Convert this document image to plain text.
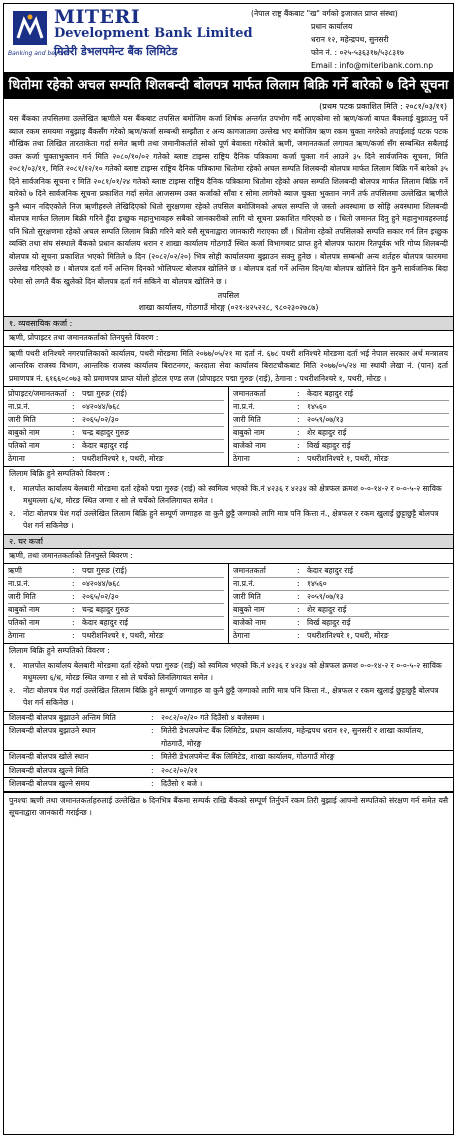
MITERI
Development Bank Limited
मितेरी डेभलपमेन्ट बैंक लिमिटेड
Banking and beyond
(नेपाल राष्ट्र बैंकबाट "ख" वर्गको इजाजत प्राप्त संस्था)
प्रधान कार्यालय
धरान १२, महेन्द्रपथ, सुनसरी
फोन नं. : ०२५-५३६३१७/५३८३१७
Email : info@miteribank.com.np
धितोमा रहेको अचल सम्पति शिलबन्दी बोलपत्र मार्फत लिलाम बिक्रि गर्ने बारेको ७ दिने सूचना
(प्रथम पटक प्रकाशित मिति : २०८१/०३/११)
यस बैंकका तपसिलमा उल्लेखित ऋणीले यस बैंकबाट तपसिल बमोजिम कर्जा शिर्षक अन्तर्गत उपभोग गर्दै आएकोमा सो ऋण/कर्जा बापत बैंकलाई बुझाउनु पर्ने ब्याज रकम समयमा नबुझाइ बैंकसँग गरेको ऋण/कर्जा सम्बन्धी सम्झौता र अन्य कागजातमा उल्लेख भए बमोजिम ऋण रकम चुक्ता नगरेको तपाईलाई पटक पटक मौखिक तथा लिखित तारताकेता गर्दा समेत ऋणी तथा जमानीकर्ताले सोको पूर्ण बेवास्ता गरेकोले ऋणी, जमानतकर्ता लगायत ऋण/कर्जा सँग सम्बन्धित सबैलाई उक्त कर्जा चुक्ताभुक्तान गर्न मिति २०८०/१०/०२ गतेको ब्लाष्ट टाइम्स राष्ट्रिय दैनिक पत्रिकामा कर्जा चुक्ता गर्न आउने ३५ दिने सार्वजनिक सूचना, मिति २०८१/०३/११, मिति २०८१/१२/१० गतेको ब्लाष्ट टाइम्स राष्ट्रिय दैनिक पत्रिकामा धितोमा रहेको अचल सम्पति शिलबन्दी बोलपत्र मार्फत लिलाम बिक्रि गर्ने बारेको ३५ दिने सार्वजनिक सूचना र मिति २०८१/०१/२४ गतेको ब्लाष्ट टाइम्स राष्ट्रिय दैनिक पत्रिकामा धितोमा रहेको अचल सम्पति शिलबन्दी बोलपत्र मार्फत लिलाम बिक्रि गर्ने बारेको ७ दिने सार्वजनिक सूचना प्रकाशित गर्दा समेत आजसम्म उक्त कर्जाको साँवा र सोमा लागेको ब्याज चुक्ता भुक्तान नगर्ने तर्फ तपसिलमा उल्लेखित ऋणीले कुनै ध्यान नदिएकोले निज ऋणीहरुले लेखिदिएको धितो सुरक्षणमा रहेको तपसिल बमोजिमको अचल सम्पत्ति जे जस्तो अवस्थामा छ सोहि अवस्थामा शिलबन्दी बोलपत्र मार्फत लिलाम बिक्री गरिने हुँदा इच्छुक महानुभावहरु सबैको जानकारीको लागि यो सूचना प्रकाशित गरिएको छ । धितो जमानत दिनु हुने महानुभावहरुलाई पनि धितो सुरक्षणमा रहेको अचल सम्पति लिलाम बिक्री गरिने बारे यसै सूचनाद्वारा जानकारी गराएका छौं । धितोमा रहेको तपसिलको सम्पति सकार गर्न लिन इच्छुक व्यक्ति तथा संघ संस्थाले बैंकको प्रधान कार्यालय धरान र शाखा कार्यालय गोठगाउँ स्थित कर्जा विभागबाट प्राप्त हुने बोलपत्र फाराम रितपूर्वक भरि गोप्य शिलबन्दी बोलपत्र यो सूचना प्रकाशित भएको मितिले ७ दिन (२०८२/०२/२०) भित्र सोही कार्यालयमा बुझाउन सक्नु हुनेछ । बोलपत्र सम्बन्धी अन्य शर्तहरु बोलपत्र फारममा उल्लेख गरिएको छ । बोलपत्र दर्ता गर्ने अन्तिम दिनको भोलिपल्ट बोलपत्र खोलिने छ । बोलपत्र दर्ता गर्ने अन्तिम दिन/वा बोलपत्र खोलिने दिन कुनै सार्वजनिक बिदा परेमा सो लगतै बैंक खुलेको दिन बोलपत्र दर्ता गर्न सकिने वा बोलपत्र खोलिने छ ।
तपसिल
शाखा कार्यालय, गोठगाउँ मोरङ्ग (०२१-४२५२२८, ९८०२३०२७८७)
१. व्यवसायिक कर्जा :
ऋणी, प्रोपाइटर तथा जमानतकर्ताको तिनपुस्ते विवरण :
ऋणी पथरी शनिश्चरे नगरपालिकाको कार्यालय, पथरी मोरङमा मिति २०७७/०५/२१ मा दर्ता नं. ६७८ पथरी शनिश्चरे मोरङमा दर्ता भई नेपाल सरकार अर्थ मन्त्रालय आन्तरिक राजस्व विभाग, आन्तरिक राजस्व कार्यालय बिराटनगर, करदाता सेवा कार्यालय बिराटचौकबाट मिति २०७७/०५/२४ मा स्थायी लेखा नं. (पान) दर्ता प्रमाणपत्र नं. ६१६६०८०७३ को प्रमाणपत्र प्राप्त योलो होटल एण्ड लज (प्रोपाइटर पद्मा गुरुङ (राई), ठेगाना : पथरीशनिश्चरे १, पथरी, मोरङ ।
प्रोपाइटर/जमानतकर्ता : पद्मा गुरुङ (राई)
ना.प्र.नं.	: ०४२०४४/७६८
जारी मिति	: २०६५/०२/३०
बाबुको नाम	: चन्द्र बहादुर गुरुङ
पतिको नाम	: केदार बहादुर राई
ठेगाना	: पथरीशनिश्चरे १, पथरी, मोरङ
जमानतकर्ता	: केदार बहादुर राई
ना.प्र.नं.	: १४५६०
जारी मिति	: २०५९/०७/१३
बाबुको नाम	: शेर बहादुर राई
बाजेको नाम	: विर्ख बहादुर राई
ठेगाना	: पथरीशनिश्चरे १, पथरी, मोरङ
लिलाम बिक्रि हुने सम्पतिको विवरण :
१.	मालपोत कार्यालय बेलबारी मोरङमा दर्ता रहेको पद्मा गुरुङ (राई) को स्वमित्व भएको कि.नं ४२३६ र ४२३४ को क्षेत्रफल क्रमश ०-०-१४-२ र ०-०-५-२ साविक मधुमल्ला ६/ध, मोरङ स्थित जग्गा र सो ले चर्चेको लिनलिगायत समेत ।
२.	नोटः बोलपत्र पेश गर्दा उल्लेखित लिलाम बिक्रि हुने सम्पूर्ण जग्गाहरु वा कुनै छुट्टै जग्गाको लागि मात्र पनि कित्ता नं., क्षेत्रफल र रकम खुलाई छुट्टाछुट्टै बोलपत्र पेश गर्न सकिनेछ ।
२. घर कर्जा
ऋणी, तथा जमानतकर्ताको तिनपुस्ते बिवरण :
ऋणी	: पद्मा गुरुङ (राई)
ना.प्र.नं.	: ०४२०४४/७६८
जारी मिति	: २०६५/०२/३०
बाबुको नाम	: चन्द्र बहादुर गुरुङ
पतिको नाम	: केदार बहादुर राई
ठेगाना	: पथरीशनिश्चरे १, पथरी, मोरङ
जमानतकर्ता	: केदार बहादुर राई
ना.प्र.नं.	: १४५६०
जारी मिति	: २०५९/०७/१३
बाबुको नाम	: शेर बहादुर राई
बाजेको नाम	: विर्ख बहादुर राई
ठेगाना	: पथरीशनिश्चरे १, पथरी, मोरङ
लिलाम बिक्रि हुने सम्पतिको विवरण :
१.	मालपोत कार्यालय बेलबारी मोरङमा दर्ता रहेको पद्मा गुरुङ (राई) को स्वमित्व भएको कि.नं ४२३६ र ४२३४ को क्षेत्रफल क्रमश ०-०-१४-२ र ०-०-५-२ साविक मधुमल्ला ६/ध, मोरङ स्थित जग्गा र सो ले चर्चेको लिनलिगायत समेत ।
२.	नोटः बोलपत्र पेश गर्दा उल्लेखित लिलाम बिक्रि हुने सम्पूर्ण जग्गाहरु वा कुनै छुट्टै जग्गाको लागि मात्र पनि कित्ता नं., क्षेत्रफल र रकम खुलाई छुट्टाछुट्टै बोलपत्र पेश गर्न सकिनेछ ।
शिलबन्दी बोलपत्र बुझाउने अन्तिम मिति	: २०८२/०२/२० गते दिउँसो ४ बजेसम्म ।
शिलबन्दी बोलपत्र बुझाउने स्थान	: मितेरी डेभलपमेन्ट बैंक लिमिटेड, प्रधान कार्यालय, महेन्द्रपथ धरान १२, सुनसरी र शाखा कार्यालय, गोठगाउँ, मोरङ्ग
शिलबन्दी बोलपत्र खोले स्थान	: मितेरी डेभलपमेन्ट बैंक लिमिटेड, शाखा कार्यालय, गोठगाउँ मोरङ्ग
शिलबन्दी बोलपत्र खुल्ने मिति	: २०८२/०२/२१
शिलबन्दी बोलपत्र खुल्ने समय	: दिउँसो १ बजे ।
पुनश्चः ऋणी तथा जमानतकर्ताहरुलाई उल्लेखित ७ दिनभित्र बैंकमा सम्पर्क राखि बैंकको सम्पूर्ण तिर्नुपर्ने रकम तिरी बुझाई आफ्नो सम्पतिको संरक्षण गर्न समेत यसै सूचनाद्वारा जानकारी गराईन्छ ।
